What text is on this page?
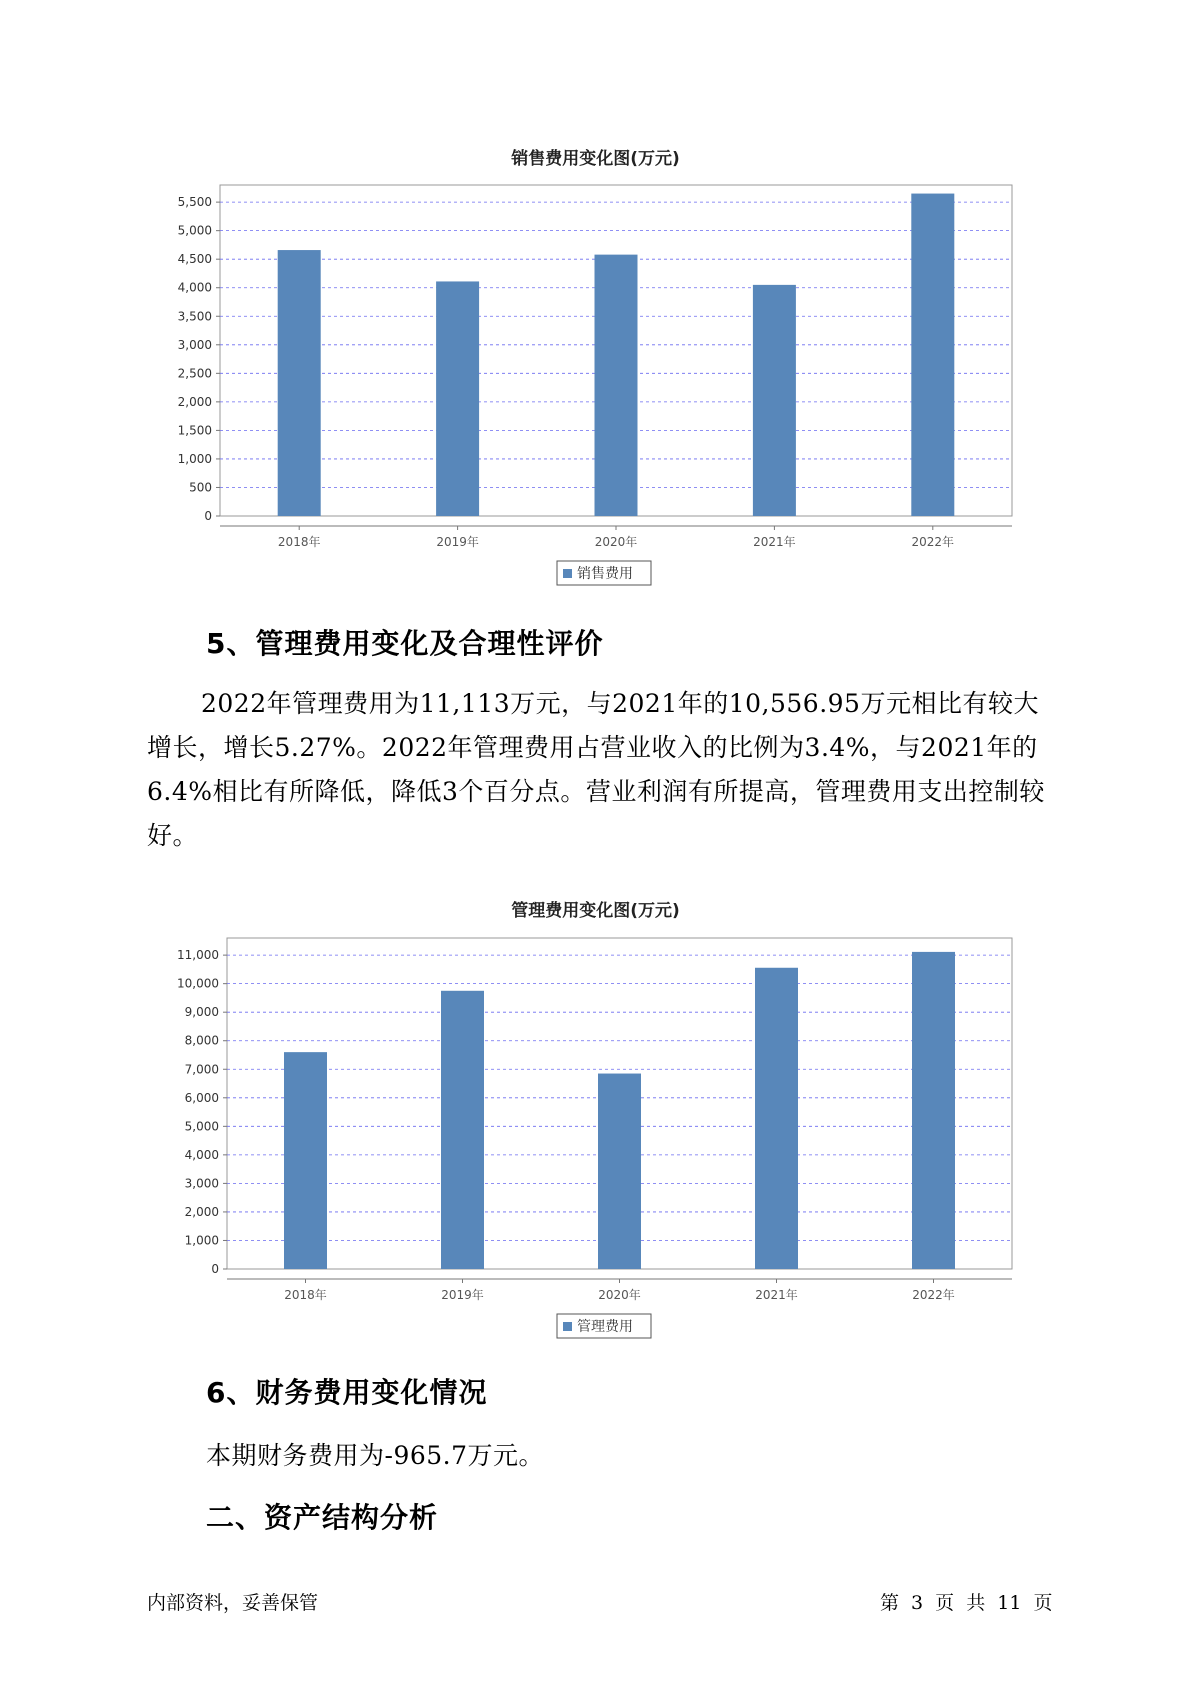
销售费用变化图(万元)
0
500
1,000
1,500
2,000
2,500
3,000
3,500
4,000
4,500
5,000
5,500
2018年	2019年	2020年	2021年	2022年
销售费用
5、管理费用变化及合理性评价

2022年管理费用为11,113万元，与2021年的10,556.95万元相比有较大增长，增长5.27%。2022年管理费用占营业收入的比例为3.4%，与2021年的6.4%相比有所降低，降低3个百分点。营业利润有所提高，管理费用支出控制较好。

管理费用变化图(万元)
0
1,000
2,000
3,000
4,000
5,000
6,000
7,000
8,000
9,000
10,000
11,000
2018年	2019年	2020年	2021年	2022年
管理费用
6、财务费用变化情况
本期财务费用为-965.7万元。
二、资产结构分析
内部资料，妥善保管	第 3 页 共 11 页
